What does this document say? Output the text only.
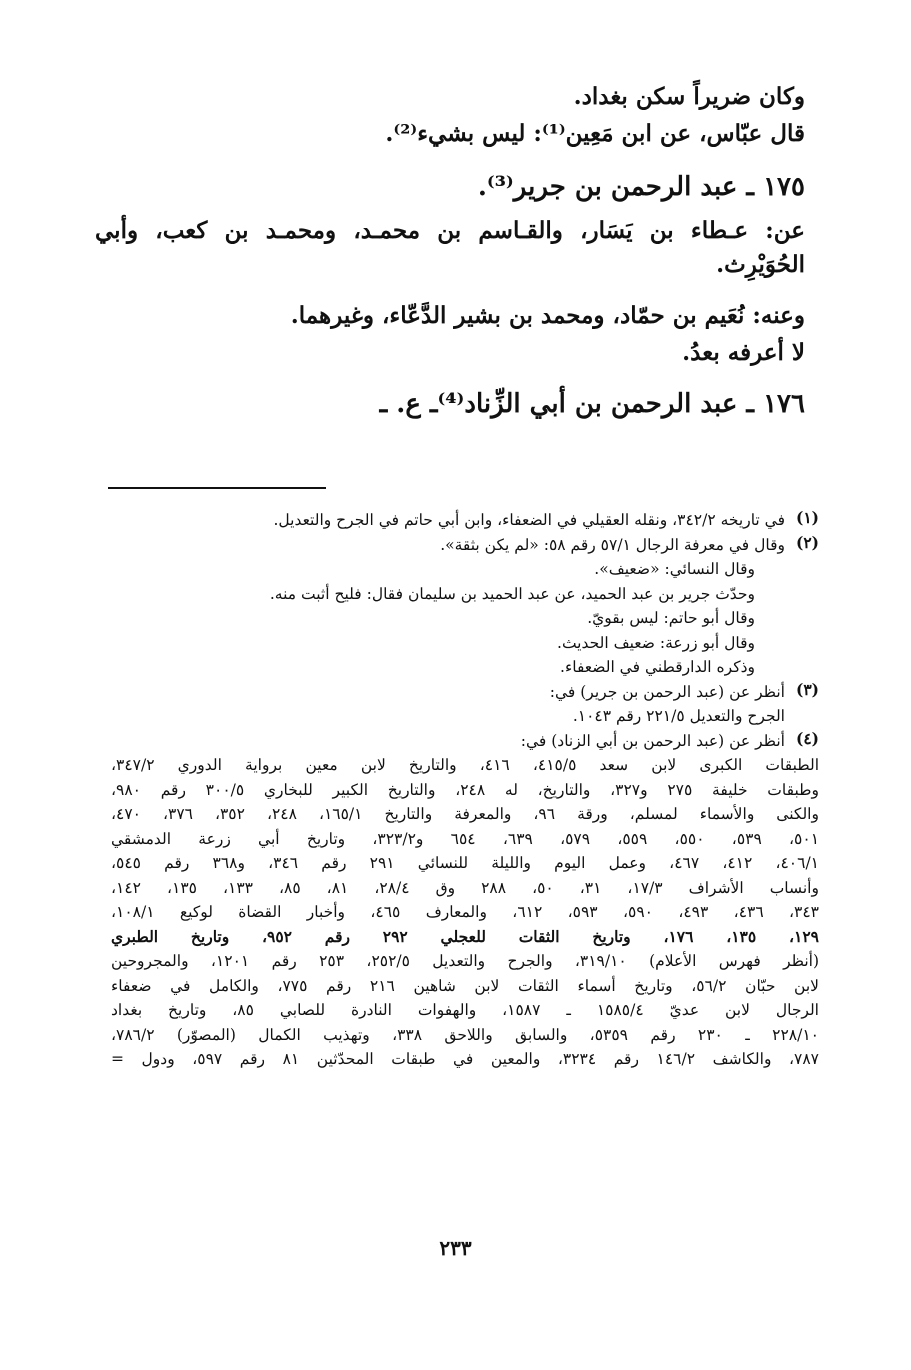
وكان ضريراً سكن بغداد.

قال عبّاس، عن ابن مَعِين⁽¹⁾: ليس بشيء⁽²⁾.

١٧٥ ـ عبد الرحمن بن جرير⁽³⁾.

عن: عـطاء بن يَسَار، والقـاسم بن محمـد، ومحمـد بن كعب، وأبي

الحُوَيْرِث.

وعنه: نُعَيم بن حمّاد، ومحمد بن بشير الدَّعّاء، وغيرهما.

لا أعرفه بعدُ.

١٧٦ ـ عبد الرحمن بن أبي الزِّناد⁽⁴⁾ـ ع. ـ

(١)

في تاريخه ٣٤٢/٢، ونقله العقيلي في الضعفاء، وابن أبي حاتم في الجرح والتعديل.

(٢)

وقال في معرفة الرجال ٥٧/١ رقم ٥٨: «لم يكن بثقة».

وقال النسائي: «ضعيف».

وحدّث جرير بن عبد الحميد، عن عبد الحميد بن سليمان فقال: فليح أثبت منه.

وقال أبو حاتم: ليس بقويّ.

وقال أبو زرعة: ضعيف الحديث.

وذكره الدارقطني في الضعفاء.

(٣)

أنظر عن (عبد الرحمن بن جرير) في:

الجرح والتعديل ٢٢١/٥ رقم ١٠٤٣.

(٤)

أنظر عن (عبد الرحمن بن أبي الزناد) في:

الطبقات الكبرى لابن سعد ٤١٥/٥، ٤١٦، والتاريخ لابن معين برواية الدوري ٣٤٧/٢،

وطبقات خليفة ٢٧٥ و٣٢٧، والتاريخ، له ٢٤٨، والتاريخ الكبير للبخاري ٣٠٠/٥ رقم ٩٨٠،

والكنى والأسماء لمسلم، ورقة ٩٦، والمعرفة والتاريخ ١٦٥/١، ٢٤٨، ٣٥٢، ٣٧٦، ٤٧٠،

٥٠١، ٥٣٩، ٥٥٠، ٥٥٩، ٥٧٩، ٦٣٩، ٦٥٤ و٣٢٣/٢، وتاريخ أبي زرعة الدمشقي

٤٠٦/١، ٤١٢، ٤٦٧، وعمل اليوم والليلة للنسائي ٢٩١ رقم ٣٤٦، و٣٦٨ رقم ٥٤٥،

وأنساب الأشراف ١٧/٣، ٣١، ٥٠، ٢٨٨ وق ٢٨/٤، ٨١، ٨٥، ١٣٣، ١٣٥، ١٤٢،

٣٤٣، ٤٣٦، ٤٩٣، ٥٩٠، ٥٩٣، ٦١٢، والمعارف ٤٦٥، وأخبار القضاة لوكيع ١٠٨/١،

١٢٩، ١٣٥، ١٧٦، وتاريخ الثقات للعجلي ٢٩٢ رقم ٩٥٢، وتاريخ الطبري

(أنظر فهرس الأعلام) ٣١٩/١٠، والجرح والتعديل ٢٥٢/٥، ٢٥٣ رقم ١٢٠١، والمجروحين

لابن حبّان ٥٦/٢، وتاريخ أسماء الثقات لابن شاهين ٢١٦ رقم ٧٧٥، والكامل في ضعفاء

الرجال لابن عديّ ١٥٨٥/٤ ـ ١٥٨٧، والهفوات النادرة للصابي ٨٥، وتاريخ بغداد

٢٢٨/١٠ ـ ٢٣٠ رقم ٥٣٥٩، والسابق واللاحق ٣٣٨، وتهذيب الكمال (المصوّر) ٧٨٦/٢،

٧٨٧، والكاشف ١٤٦/٢ رقم ٣٢٣٤، والمعين في طبقات المحدّثين ٨١ رقم ٥٩٧، ودول =

٢٣٣
